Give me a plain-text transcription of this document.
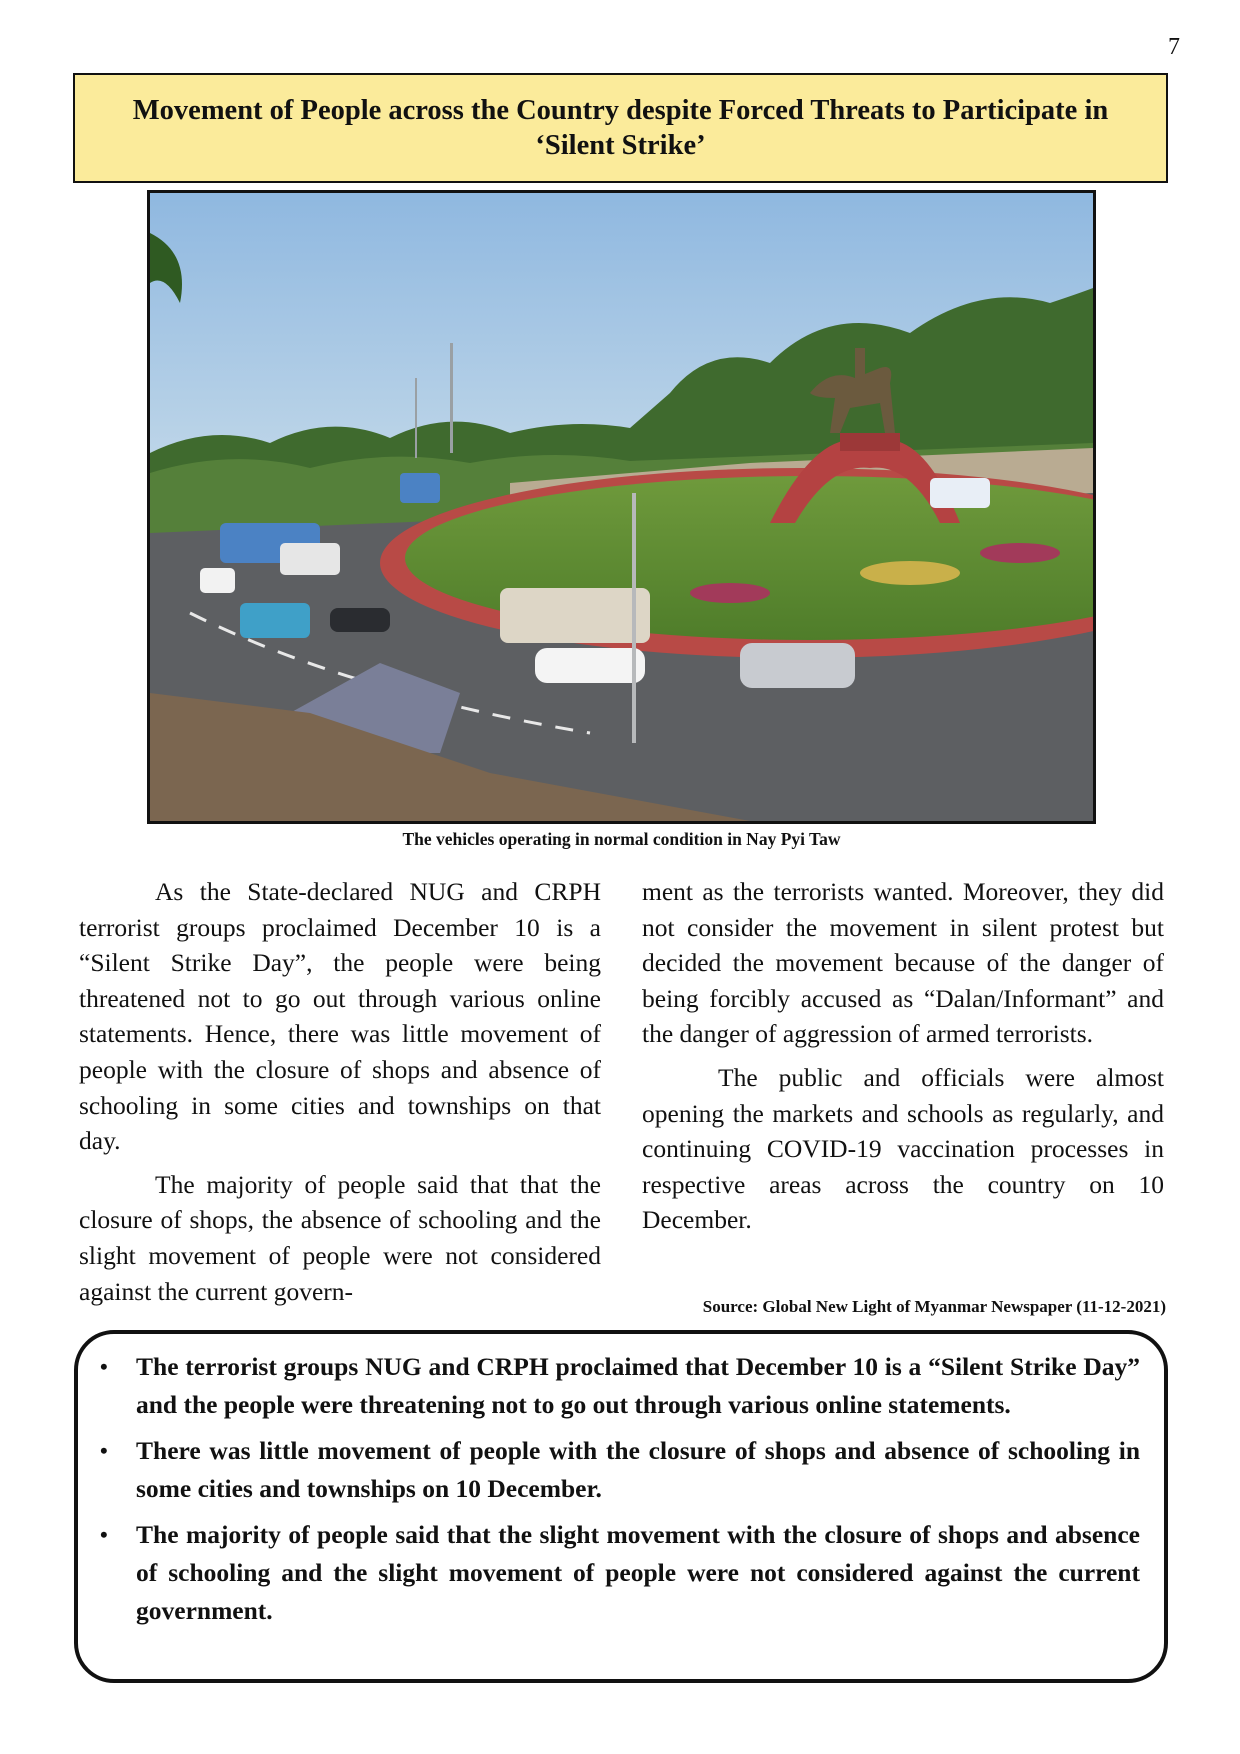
7
Movement of People across the Country despite Forced Threats to Participate in ‘Silent Strike’
The vehicles operating in normal condition in Nay Pyi Taw

As the State-declared NUG and CRPH terrorist groups proclaimed December 10 is a “Silent Strike Day”, the people were being threatened not to go out through various online statements. Hence, there was little movement of people with the closure of shops and absence of schooling in some cities and townships on that day.

The majority of people said that that the closure of shops, the absence of schooling and the slight movement of people were not considered against the current govern-

ment as the terrorists wanted. Moreover, they did not consider the movement in silent protest but decided the movement because of the danger of being forcibly accused as “Dalan/Informant” and the danger of aggression of armed terrorists.

The public and officials were almost opening the markets and schools as regularly, and continuing COVID-19 vaccination processes in respective areas across the country on 10 December.

Source: Global New Light of Myanmar Newspaper (11-12-2021)
• The terrorist groups NUG and CRPH proclaimed that December 10 is a “Silent Strike Day” and the people were threatening not to go out through various online statements.
• There was little movement of people with the closure of shops and absence of schooling in some cities and townships on 10 December.
• The majority of people said that the slight movement with the closure of shops and absence of schooling and the slight movement of people were not considered against the current government.
